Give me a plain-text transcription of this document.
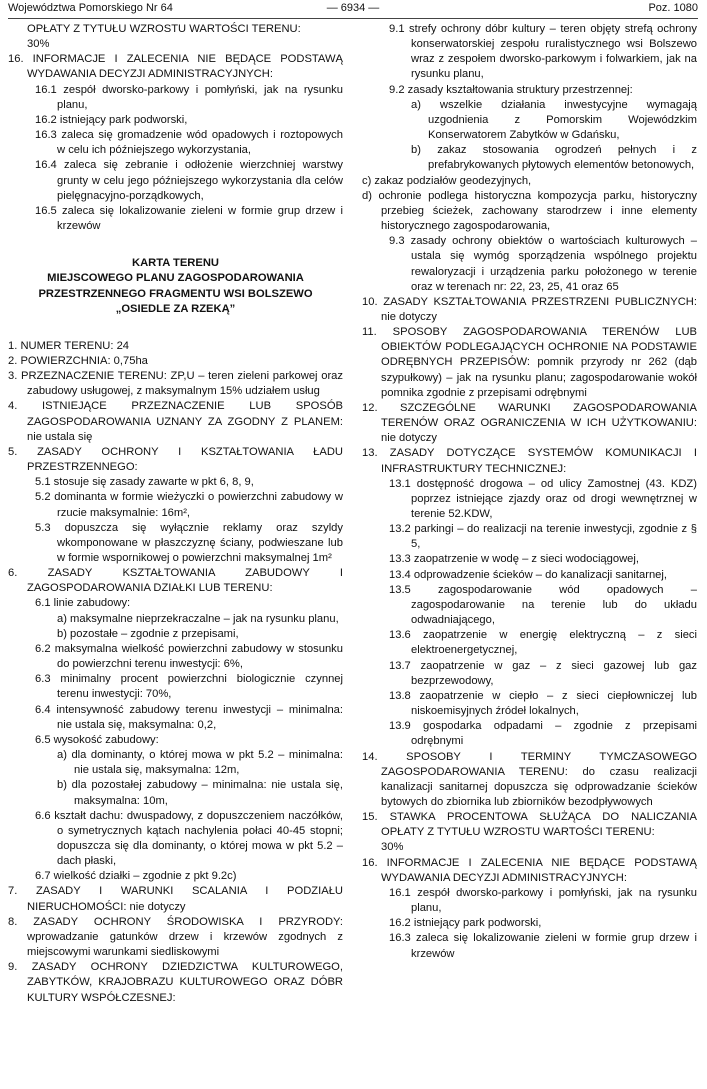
Województwa Pomorskiego Nr 64	— 6934 —	Poz. 1080
OPŁATY Z TYTUŁU WZROSTU WARTOŚCI TERENU:
30%
16. INFORMACJE I ZALECENIA NIE BĘDĄCE PODSTAWĄ WYDAWANIA DECYZJI ADMINISTRACYJNYCH:
16.1 zespół dworsko-parkowy i pomłyński, jak na rysunku planu,
16.2 istniejący park podworski,
16.3 zaleca się gromadzenie wód opadowych i roztopowych w celu ich późniejszego wykorzystania,
16.4 zaleca się zebranie i odłożenie wierzchniej warstwy grunty w celu jego późniejszego wykorzystania dla celów pielęgnacyjno-porządkowych,
16.5 zaleca się lokalizowanie zieleni w formie grup drzew i krzewów
KARTA TERENU
MIEJSCOWEGO PLANU ZAGOSPODAROWANIA
PRZESTRZENNEGO FRAGMENTU WSI BOLSZEWO
„OSIEDLE ZA RZEKĄ”
1. NUMER TERENU: 24
2. POWIERZCHNIA: 0,75ha
3. PRZEZNACZENIE TERENU: ZP,U – teren zieleni parkowej oraz zabudowy usługowej, z maksymalnym 15% udziałem usług
4. ISTNIEJĄCE PRZEZNACZENIE LUB SPOSÓB ZAGOSPODAROWANIA UZNANY ZA ZGODNY Z PLANEM: nie ustala się
5. ZASADY OCHRONY I KSZTAŁTOWANIA ŁADU PRZESTRZENNEGO:
5.1 stosuje się zasady zawarte w pkt 6, 8, 9,
5.2 dominanta w formie wieżyczki o powierzchni zabudowy w rzucie maksymalnie: 16m²,
5.3 dopuszcza się wyłącznie reklamy oraz szyldy wkomponowane w płaszczyznę ściany, podwieszane lub w formie wspornikowej o powierzchni maksymalnej 1m²
6. ZASADY KSZTAŁTOWANIA ZABUDOWY I ZAGOSPODAROWANIA DZIAŁKI LUB TERENU:
6.1 linie zabudowy:
a) maksymalne nieprzekraczalne – jak na rysunku planu,
b) pozostałe – zgodnie z przepisami,
6.2 maksymalna wielkość powierzchni zabudowy w stosunku do powierzchni terenu inwestycji: 6%,
6.3 minimalny procent powierzchni biologicznie czynnej terenu inwestycji: 70%,
6.4 intensywność zabudowy terenu inwestycji – minimalna: nie ustala się, maksymalna: 0,2,
6.5 wysokość zabudowy:
a) dla dominanty, o której mowa w pkt 5.2 – minimalna: nie ustala się, maksymalna: 12m,
b) dla pozostałej zabudowy – minimalna: nie ustala się, maksymalna: 10m,
6.6 kształt dachu: dwuspadowy, z dopuszczeniem naczółków, o symetrycznych kątach nachylenia połaci 40-45 stopni; dopuszcza się dla dominanty, o której mowa w pkt 5.2 – dach płaski,
6.7 wielkość działki – zgodnie z pkt 9.2c)
7. ZASADY I WARUNKI SCALANIA I PODZIAŁU NIERUCHOMOŚCI: nie dotyczy
8. ZASADY OCHRONY ŚRODOWISKA I PRZYRODY: wprowadzanie gatunków drzew i krzewów zgodnych z miejscowymi warunkami siedliskowymi
9. ZASADY OCHRONY DZIEDZICTWA KULTUROWEGO, ZABYTKÓW, KRAJOBRAZU KULTUROWEGO ORAZ DÓBR KULTURY WSPÓŁCZESNEJ:
9.1 strefy ochrony dóbr kultury – teren objęty strefą ochrony konserwatorskiej zespołu ruralistycznego wsi Bolszewo wraz z zespołem dworsko-parkowym i folwarkiem, jak na rysunku planu,
9.2 zasady kształtowania struktury przestrzennej:
a) wszelkie działania inwestycyjne wymagają uzgodnienia z Pomorskim Wojewódzkim Konserwatorem Zabytków w Gdańsku,
b) zakaz stosowania ogrodzeń pełnych i z prefabrykowanych płytowych elementów betonowych,
c) zakaz podziałów geodezyjnych,
d) ochronie podlega historyczna kompozycja parku, historyczny przebieg ścieżek, zachowany starodrzew i inne elementy historycznego zagospodarowania,
9.3 zasady ochrony obiektów o wartościach kulturowych – ustala się wymóg sporządzenia wspólnego projektu rewaloryzacji i urządzenia parku położonego w terenie oraz w terenach nr: 22, 23, 25, 41 oraz 65
10. ZASADY KSZTAŁTOWANIA PRZESTRZENI PUBLICZNYCH: nie dotyczy
11. SPOSOBY ZAGOSPODAROWANIA TERENÓW LUB OBIEKTÓW PODLEGAJĄCYCH OCHRONIE NA PODSTAWIE ODRĘBNYCH PRZEPISÓW: pomnik przyrody nr 262 (dąb szypułkowy) – jak na rysunku planu; zagospodarowanie wokół pomnika zgodnie z przepisami odrębnymi
12. SZCZEGÓLNE WARUNKI ZAGOSPODAROWANIA TERENÓW ORAZ OGRANICZENIA W ICH UŻYTKOWANIU: nie dotyczy
13. ZASADY DOTYCZĄCE SYSTEMÓW KOMUNIKACJI I INFRASTRUKTURY TECHNICZNEJ:
13.1 dostępność drogowa – od ulicy Zamostnej (43. KDZ) poprzez istniejące zjazdy oraz od drogi wewnętrznej w terenie 52.KDW,
13.2 parkingi – do realizacji na terenie inwestycji, zgodnie z § 5,
13.3 zaopatrzenie w wodę – z sieci wodociągowej,
13.4 odprowadzenie ścieków – do kanalizacji sanitarnej,
13.5 zagospodarowanie wód opadowych – zagospodarowanie na terenie lub do układu odwadniającego,
13.6 zaopatrzenie w energię elektryczną – z sieci elektroenergetycznej,
13.7 zaopatrzenie w gaz – z sieci gazowej lub gaz bezprzewodowy,
13.8 zaopatrzenie w ciepło – z sieci ciepłowniczej lub niskoemisyjnych źródeł lokalnych,
13.9 gospodarka odpadami – zgodnie z przepisami odrębnymi
14. SPOSOBY I TERMINY TYMCZASOWEGO ZAGOSPODAROWANIA TERENU: do czasu realizacji kanalizacji sanitarnej dopuszcza się odprowadzanie ścieków bytowych do zbiornika lub zbiorników bezodpływowych
15. STAWKA PROCENTOWA SŁUŻĄCA DO NALICZANIA OPŁATY Z TYTUŁU WZROSTU WARTOŚCI TERENU:
30%
16. INFORMACJE I ZALECENIA NIE BĘDĄCE PODSTAWĄ WYDAWANIA DECYZJI ADMINISTRACYJNYCH:
16.1 zespół dworsko-parkowy i pomłyński, jak na rysunku planu,
16.2 istniejący park podworski,
16.3 zaleca się lokalizowanie zieleni w formie grup drzew i krzewów
